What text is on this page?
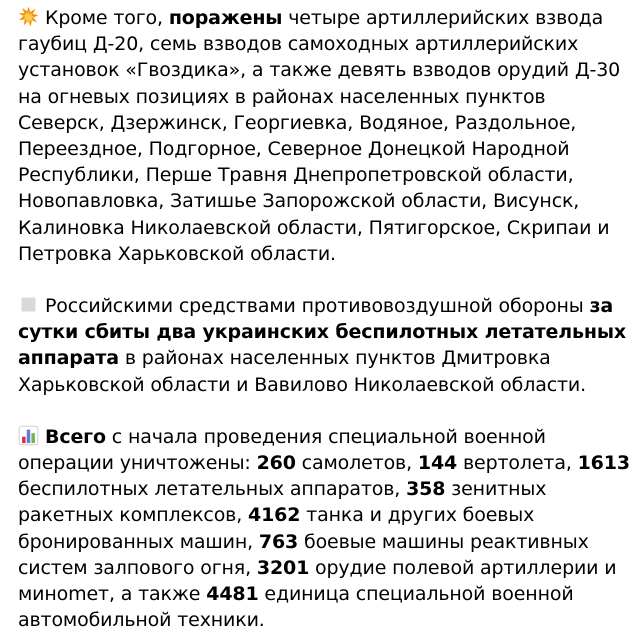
Кроме того, поражены четыре артиллерийских взвода гаубиц Д-20, семь взводов самоходных артиллерийских установок «Гвоздика», а также девять взводов орудий Д-30 на огневых позициях в районах населенных пунктов Северск, Дзержинск, Георгиевка, Водяное, Раздольное, Переездное, Подгорное, Северное Донецкой Народной Республики, Перше Травня Днепропетровской области, Новопавловка, Затишье Запорожской области, Висунск, Калиновка Николаевской области, Пятигорское, Скрипаи и Петровка Харьковской области.

Российскими средствами противовоздушной обороны за сутки сбиты два украинских беспилотных летательных аппарата в районах населенных пунктов Дмитровка Харьковской области и Вавилово Николаевской области.

Всего с начала проведения специальной военной операции уничтожены: 260 самолетов, 144 вертолета, 1613 беспилотных летательных аппаратов, 358 зенитных ракетных комплексов, 4162 танка и других боевых бронированных машин, 763 боевые машины реактивных систем залпового огня, 3201 орудие полевой артиллерии и минomет, а также 4481 единица специальной военной автомобильной техники.
